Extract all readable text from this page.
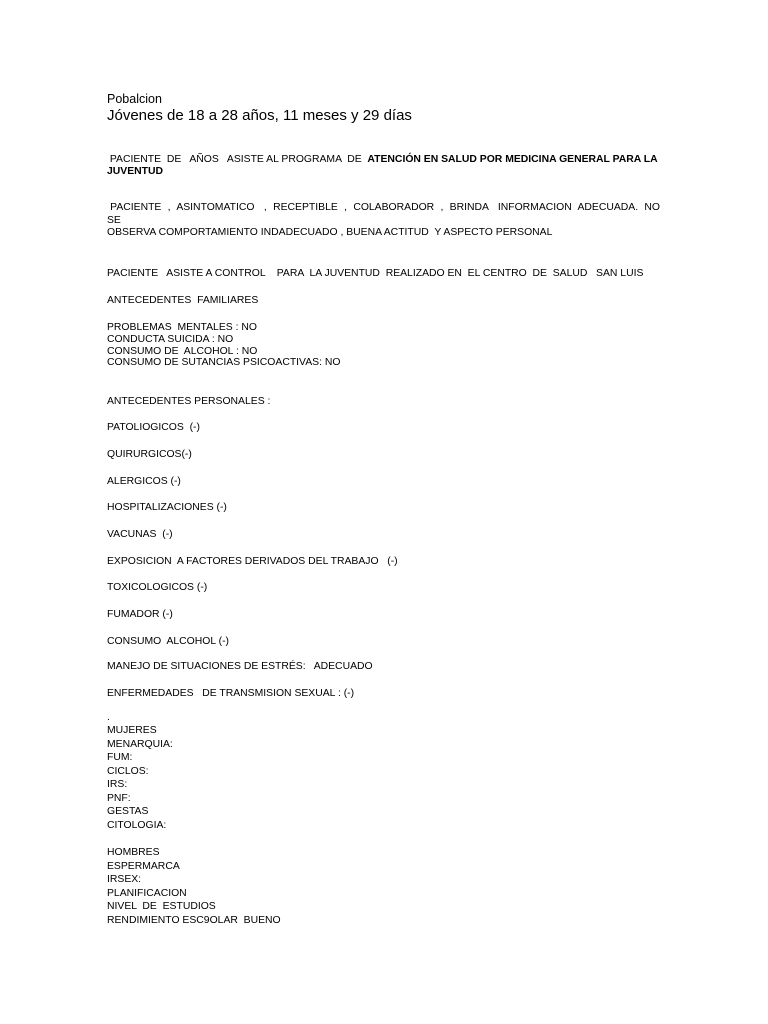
Pobalcion
Jóvenes de 18 a 28 años, 11 meses y 29 días
PACIENTE  DE   AÑOS   ASISTE AL PROGRAMA  DE  ATENCIÓN EN SALUD POR MEDICINA GENERAL PARA LA JUVENTUD
PACIENTE  ,  ASINTOMATICO   ,  RECEPTIBLE  ,  COLABORADOR  ,  BRINDA   INFORMACION  ADECUADA.  NO  SE
OBSERVA COMPORTAMIENTO INDADECUADO , BUENA ACTITUD  Y ASPECTO PERSONAL
PACIENTE   ASISTE A CONTROL    PARA  LA JUVENTUD  REALIZADO EN  EL CENTRO  DE  SALUD   SAN LUIS
ANTECEDENTES  FAMILIARES
PROBLEMAS  MENTALES : NO
CONDUCTA SUICIDA : NO
CONSUMO DE  ALCOHOL : NO
CONSUMO DE SUTANCIAS PSICOACTIVAS: NO
ANTECEDENTES PERSONALES :
PATOLIOGICOS  (-)
QUIRURGICOS(-)
ALERGICOS (-)
HOSPITALIZACIONES (-)
VACUNAS  (-)
EXPOSICION  A FACTORES DERIVADOS DEL TRABAJO   (-)
TOXICOLOGICOS (-)
FUMADOR (-)
CONSUMO  ALCOHOL (-)
MANEJO DE SITUACIONES DE ESTRÉS:   ADECUADO
ENFERMEDADES   DE TRANSMISION SEXUAL : (-)
.
MUJERES
MENARQUIA:
FUM:
CICLOS:
IRS:
PNF:
GESTAS
CITOLOGIA:
HOMBRES
ESPERMARCA
IRSEX:
PLANIFICACION
NIVEL  DE  ESTUDIOS
RENDIMIENTO ESC9OLAR  BUENO
